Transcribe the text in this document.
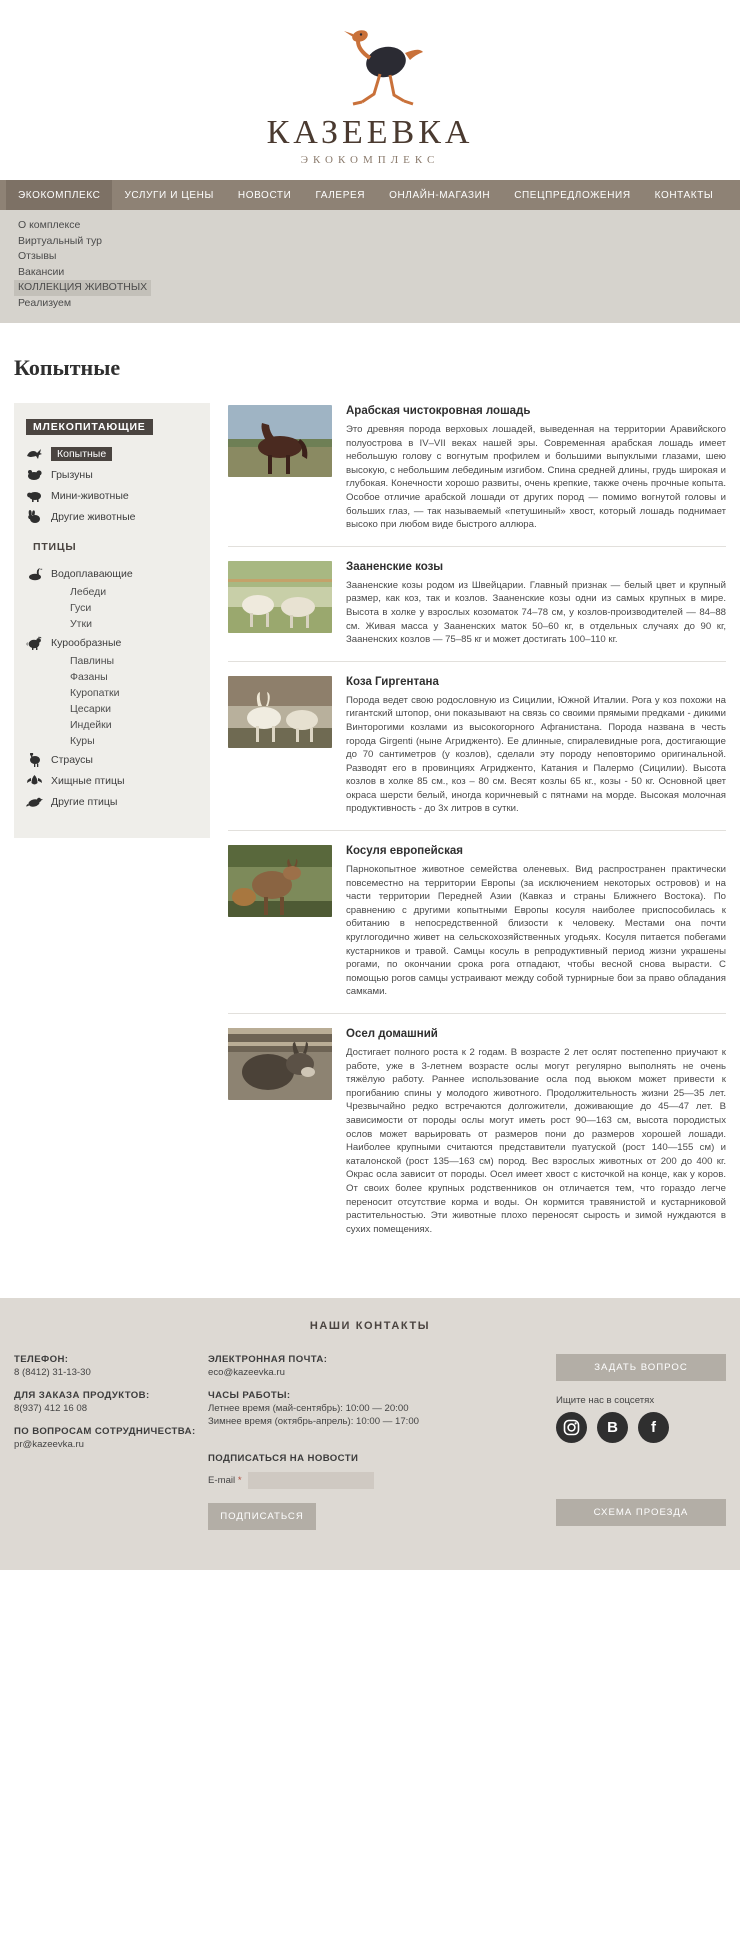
КАЗЕЕВКА
ЭКОКОМПЛЕКС
ЭКОКОМПЛЕКС	УСЛУГИ И ЦЕНЫ	НОВОСТИ	ГАЛЕРЕЯ	ОНЛАЙН-МАГАЗИН	СПЕЦПРЕДЛОЖЕНИЯ	КОНТАКТЫ
О комплексе
Виртуальный тур
Отзывы
Вакансии
КОЛЛЕКЦИЯ ЖИВОТНЫХ
Реализуем
Копытные
МЛЕКОПИТАЮЩИЕ
Копытные
Грызуны
Мини-животные
Другие животные
ПТИЦЫ
Водоплавающие
Лебеди
Гуси
Утки
Курообразные
Павлины
Фазаны
Куропатки
Цесарки
Индейки
Куры
Страусы
Хищные птицы
Другие птицы
Арабская чистокровная лошадь

Это древняя порода верховых лошадей, выведенная на территории Аравийского полуострова в IV–VII веках нашей эры. Современная арабская лошадь имеет небольшую голову с вогнутым профилем и большими выпуклыми глазами, шею высокую, с небольшим лебединым изгибом. Спина средней длины, грудь широкая и глубокая. Конечности хорошо развиты, очень крепкие, также очень прочные копыта. Особое отличие арабской лошади от других пород — помимо вогнутой головы и больших глаз, — так называемый «петушиный» хвост, который лошадь поднимает высоко при любом виде быстрого аллюра.

Зааненские козы

Зааненские козы родом из Швейцарии. Главный признак — белый цвет и крупный размер, как коз, так и козлов. Зааненские козы одни из самых крупных в мире. Высота в холке у взрослых козоматок 74–78 см, у козлов-производителей — 84–88 см. Живая масса у Зааненских маток 50–60 кг, в отдельных случаях до 90 кг, Зааненских козлов — 75–85 кг и может достигать 100–110 кг.

Коза Гиргентана

Порода ведет свою родословную из Сицилии, Южной Италии. Рога у коз похожи на гигантский штопор, они показывают на связь со своими прямыми предками - дикими Винторогими козлами из высокогорного Афганистана. Порода названа в честь города Girgenti (ныне Агридженто). Ее длинные, спиралевидные рога, достигающие до 70 сантиметров (у козлов), сделали эту породу неповторимо оригинальной. Разводят его в провинциях Агридженто, Катания и Палермо (Сицилии). Высота козлов в холке 85 см., коз – 80 см. Весят козлы 65 кг., козы - 50 кг. Основной цвет окраса шерсти белый, иногда коричневый с пятнами на морде. Высокая молочная продуктивность - до 3х литров в сутки.

Косуля европейская

Парнокопытное животное семейства оленевых. Вид распространен практически повсеместно на территории Европы (за исключением некоторых островов) и на части территории Передней Азии (Кавказ и страны Ближнего Востока). По сравнению с другими копытными Европы косуля наиболее приспособилась к обитанию в непосредственной близости к человеку. Местами она почти круглогодично живет на сельскохозяйственных угодьях. Косуля питается побегами кустарников и травой. Самцы косуль в репродуктивный период жизни украшены рогами, по окончании срока рога отпадают, чтобы весной снова вырасти. С помощью рогов самцы устраивают между собой турнирные бои за право обладания самками.

Осел домашний

Достигает полного роста к 2 годам. В возрасте 2 лет ослят постепенно приучают к работе, уже в 3-летнем возрасте ослы могут регулярно выполнять не очень тяжёлую работу. Раннее использование осла под вьюком может привести к прогибанию спины у молодого животного. Продолжительность жизни 25—35 лет. Чрезвычайно редко встречаются долгожители, доживающие до 45—47 лет. В зависимости от породы ослы могут иметь рост 90—163 см, высота породистых ослов может варьировать от размеров пони до размеров хорошей лошади. Наиболее крупными считаются представители пуатуской (рост 140—155 см) и каталонской (рост 135—163 см) пород. Вес взрослых животных от 200 до 400 кг. Окрас осла зависит от породы. Осел имеет хвост с кисточкой на конце, как у коров. От своих более крупных родственников он отличается тем, что гораздо легче переносит отсутствие корма и воды. Он кормится травянистой и кустарниковой растительностью. Эти животные плохо переносят сырость и зимой нуждаются в сухих помещениях.

НАШИ КОНТАКТЫ
ТЕЛЕФОН:
8 (8412) 31-13-30
ДЛЯ ЗАКАЗА ПРОДУКТОВ:
8(937) 412 16 08
ПО ВОПРОСАМ СОТРУДНИЧЕСТВА:
pr@kazeevka.ru
ЭЛЕКТРОННАЯ ПОЧТА:
eco@kazeevka.ru
ЧАСЫ РАБОТЫ:
Летнее время (май-сентябрь): 10:00 — 20:00
Зимнее время (октябрь-апрель): 10:00 — 17:00
ПОДПИСАТЬСЯ НА НОВОСТИ
E-mail *
ПОДПИСАТЬСЯ
ЗАДАТЬ ВОПРОС
Ищите нас в соцсетях
B	f
СХЕМА ПРОЕЗДА
